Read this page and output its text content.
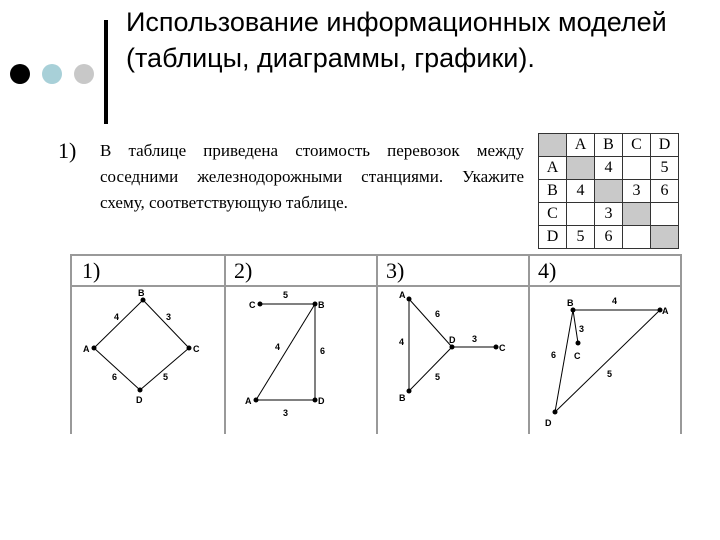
Использование информационных моделей (таблицы, диаграммы, графики).
1) В таблице приведена стоимость перевозок между соседними железнодорожными станциями. Укажите схему, соответствующую таблице.
	A	B	C	D
A		4		5
B	4		3	6
C		3		
D	5	6		
1)	2)	3)	4)
A
B
C
D
4	3
6	5
C	B
A	D
5
4	6
3
A
B
D
C
6
4
5
3
B
A
C
D
4
3
6
5
